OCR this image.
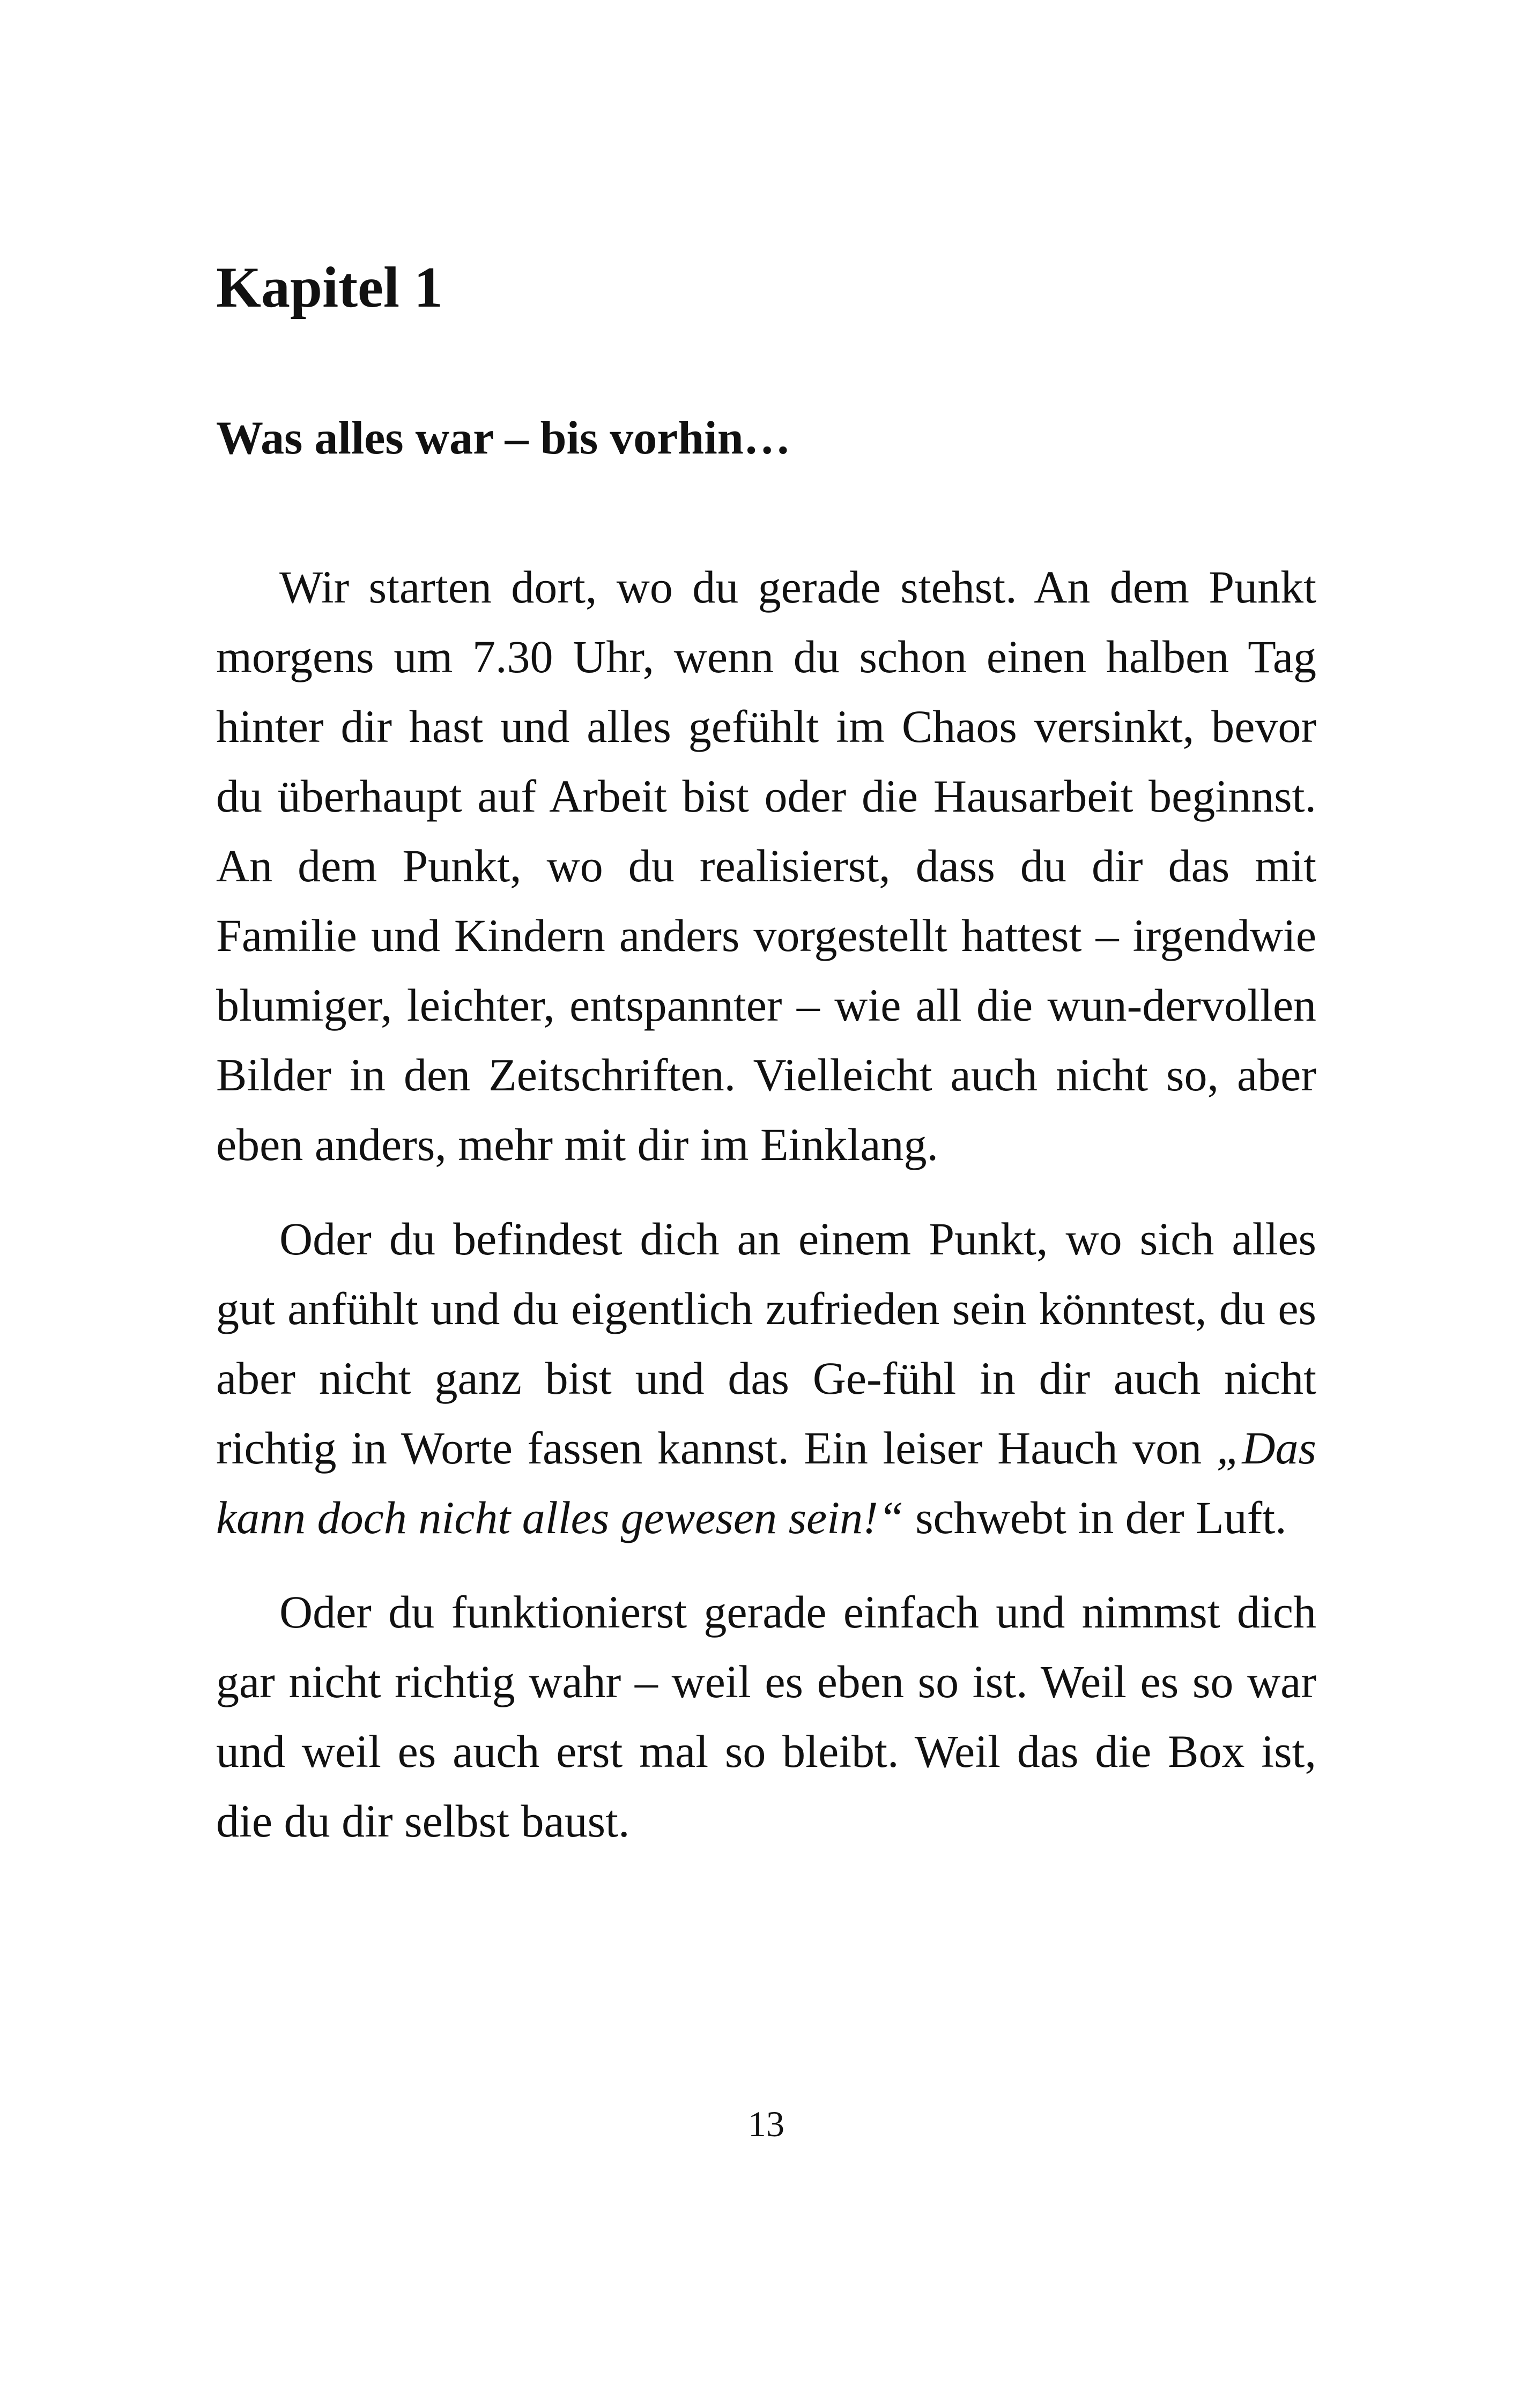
Kapitel 1
Was alles war – bis vorhin…

Wir starten dort, wo du gerade stehst. An dem Punkt morgens um 7.30 Uhr, wenn du schon einen halben Tag hinter dir hast und alles gefühlt im Chaos versinkt, bevor du überhaupt auf Arbeit bist oder die Hausarbeit beginnst. An dem Punkt, wo du realisierst, dass du dir das mit Familie und Kindern anders vorgestellt hattest – irgendwie blumiger, leichter, entspannter – wie all die wun-dervollen Bilder in den Zeitschriften. Vielleicht auch nicht so, aber eben anders, mehr mit dir im Einklang.

Oder du befindest dich an einem Punkt, wo sich alles gut anfühlt und du eigentlich zufrieden sein könntest, du es aber nicht ganz bist und das Ge-fühl in dir auch nicht richtig in Worte fassen kannst. Ein leiser Hauch von „Das kann doch nicht alles gewesen sein!“ schwebt in der Luft.

Oder du funktionierst gerade einfach und nimmst dich gar nicht richtig wahr – weil es eben so ist. Weil es so war und weil es auch erst mal so bleibt. Weil das die Box ist, die du dir selbst baust.

13
